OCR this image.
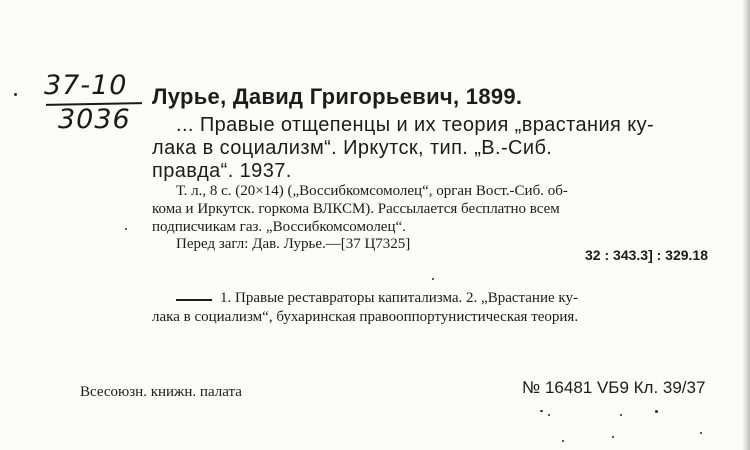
37-10
3036
Лурье, Давид Григорьевич, 1899.
... Правые отщепенцы и их теория „врастания ку-
лака в социализм“. Иркутск, тип. „В.-Сиб.
правда“. 1937.
Т. л., 8 с. (20×14) („Воссибкомсомолец“, орган Вост.-Сиб. об-
кома и Иркутск. горкома ВЛКСМ). Рассылается бесплатно всем
подписчикам газ. „Воссибкомсомолец“.
Перед загл: Дав. Лурье.—[37 Ц7325]
32 : 343.3] : 329.18
1. Правые реставраторы капитализма. 2. „Врастание ку-
лака в социализм“, бухаринская правооппортунистическая теория.
Всесоюзн. книжн. палата	№ 16481 VБ9 Кл. 39/37
